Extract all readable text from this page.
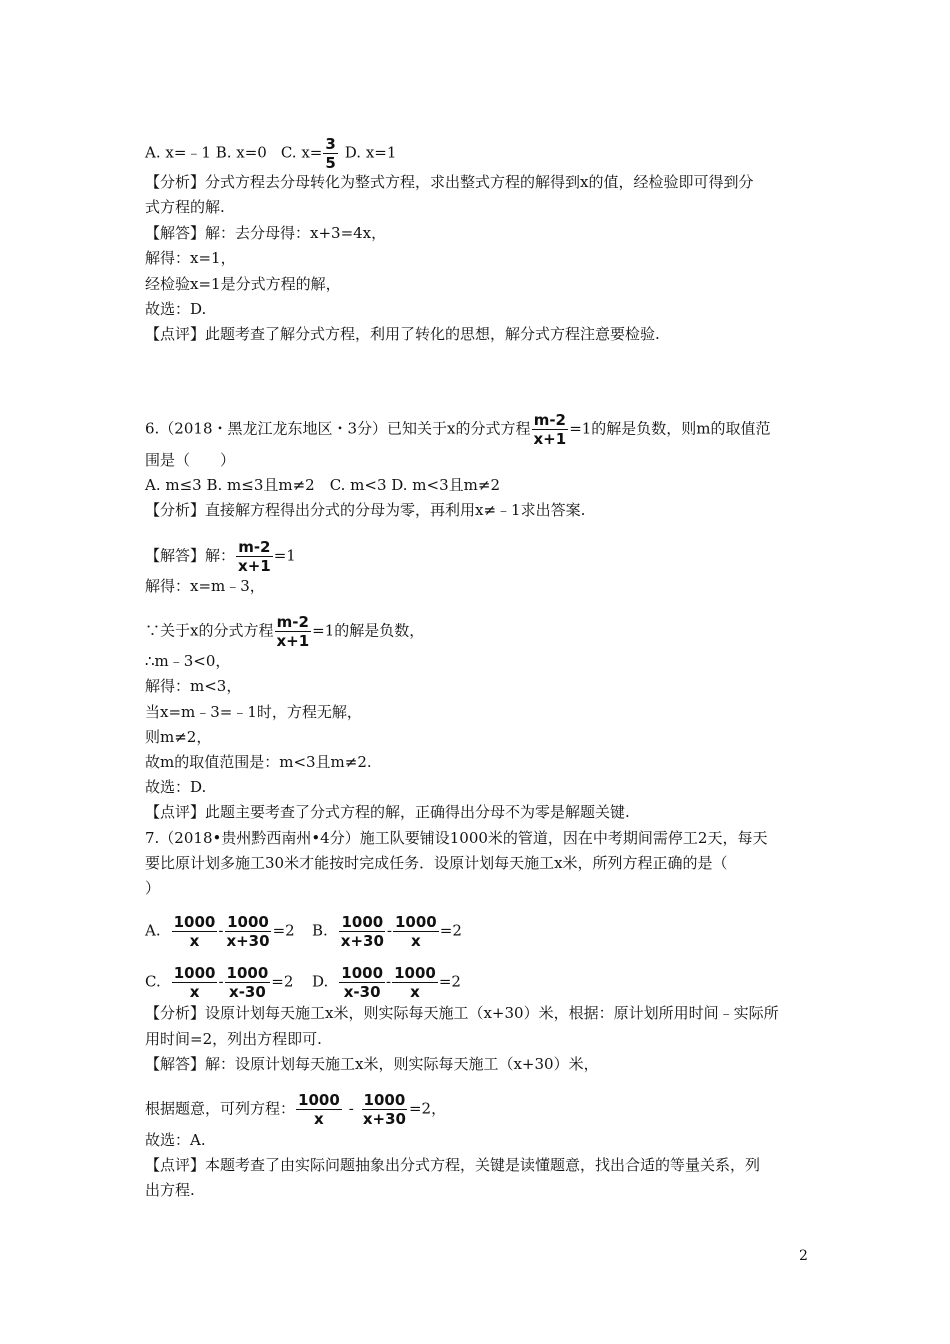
A. x=﹣1 B. x=0 C. $x= \frac{3}{5} D$. x=1
【分析】分式方程去分母转化为整式方程，求出整式方程的解得到x的值，经检验即可得到分
式方程的解.
【解答】解：去分母得：x+3=4x，
解得：x=1，
经检验x=1是分式方程的解，
故选：D.
【点评】此题考查了解分式方程，利用了转化的思想，解分式方程注意要检验.
6.（2018・黑龙江龙东地区・3分）已知关于x的分式方程 $\frac{m-2}{x+1} =1$的解是负数，则m的取值范
围是（　　）
A. m≤3 B. m≤3且m≠2　C. m<3 D. m<3且m≠2
【分析】直接解方程得出分式的分母为零，再利用x≠﹣1求出答案.
【解答】解： $\frac{m-2}{x+1} =1$
解得：x=m﹣3，
∵关于x的分式方程 $\frac{m-2}{x+1} =1$的解是负数，
∴m﹣3<0，
解得：m<3，
当x=m﹣3=﹣1时，方程无解，
则m≠2，
故m的取值范围是：m<3且m≠2.
故选：D.
【点评】此题主要考查了分式方程的解，正确得出分母不为零是解题关键.
7.（2018•贵州黔西南州•4分）施工队要铺设1000米的管道，因在中考期间需停工2天，每天
要比原计划多施工30米才能按时完成任务．设原计划每天施工x米，所列方程正确的是（
）
A. $\frac{1000}{x} - \frac{1000}{x+30} =2$ B. $\frac{1000}{x+30} - \frac{1000}{x} =2$
C. $\frac{1000}{x} - \frac{1000}{x-30} =2$ D. $\frac{1000}{x-30} - \frac{1000}{x} =2$
【分析】设原计划每天施工x米，则实际每天施工（x+30）米，根据：原计划所用时间﹣实际所
用时间=2，列出方程即可.
【解答】解：设原计划每天施工x米，则实际每天施工（x+30）米，
根据题意，可列方程： $\frac{1000}{x} - \frac{1000}{x+30} =2$，
故选：A.
【点评】本题考查了由实际问题抽象出分式方程，关键是读懂题意，找出合适的等量关系，列
出方程.
2
